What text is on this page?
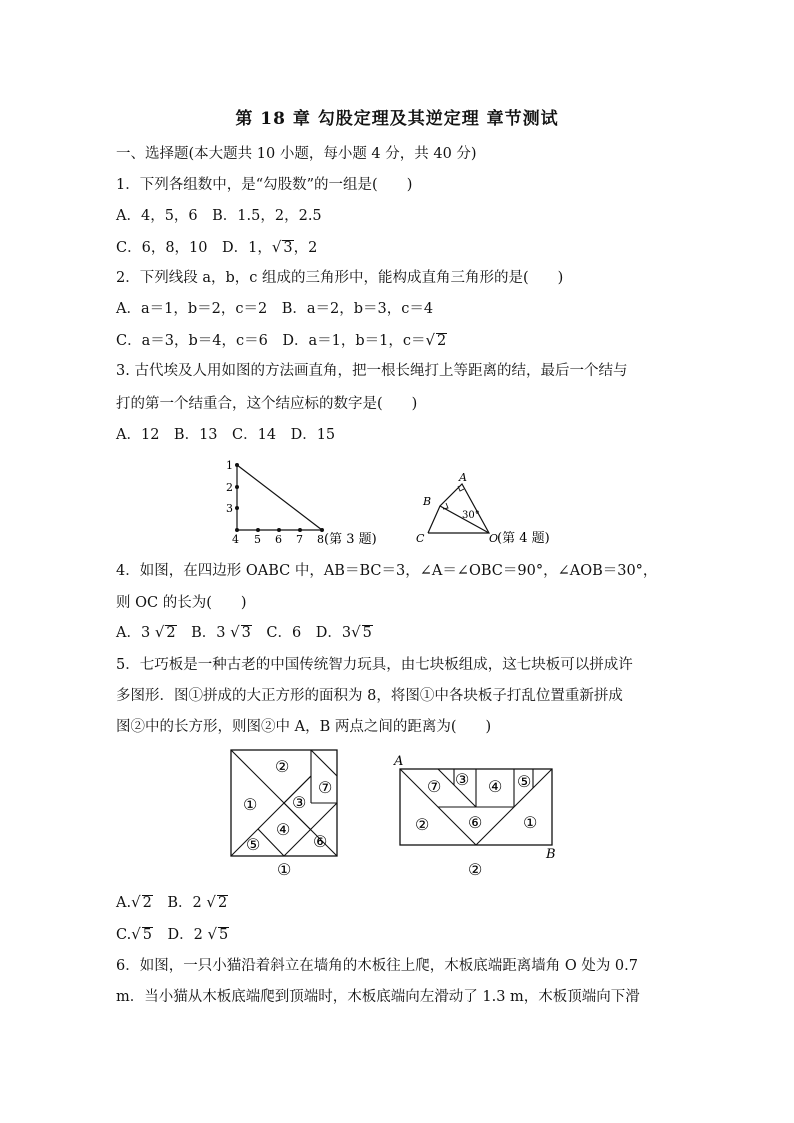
第 18 章 勾股定理及其逆定理 章节测试
一、选择题(本大题共 10 小题，每小题 4 分，共 40 分)
1．下列各组数中，是“勾股数”的一组是(　　)
A．4，5，6　B．1.5，2，2.5
C．6，8，10　D．1，√ 3，2
2．下列线段 a，b，c 组成的三角形中，能构成直角三角形的是(　　)
A．a＝1，b＝2，c＝2　B．a＝2，b＝3，c＝4
C．a＝3，b＝4，c＝6　D．a＝1，b＝1，c＝√ 2
3. 古代埃及人用如图的方法画直角，把一根长绳打上等距离的结，最后一个结与
打的第一个结重合，这个结应标的数字是(　　)
A．12　B．13　C．14　D．15
1
2
3
4 5 6 7 8 (第 3 题)
A
B
C	O
30°
(第 4 题)
4．如图，在四边形 OABC 中，AB＝BC＝3，∠A＝∠OBC＝90°，∠AOB＝30°，
则 OC 的长为(　　)
A．3 √ 2　B．3 √ 3　C．6　D．3√ 5
5．七巧板是一种古老的中国传统智力玩具，由七块板组成，这七块板可以拼成许
多图形．图①拼成的大正方形的面积为 8，将图①中各块板子打乱位置重新拼成
图②中的长方形，则图②中 A，B 两点之间的距离为(　　)
②
① ③
⑦
④
⑤	⑥
①
A
B
⑦ ③ ④ ⑤
② ⑥	①
②
A.√ 2　B．2 √ 2
C.√ 5　D．2 √ 5
6．如图，一只小猫沿着斜立在墙角的木板往上爬，木板底端距离墙角 O 处为 0.7
m．当小猫从木板底端爬到顶端时，木板底端向左滑动了 1.3 m，木板顶端向下滑
